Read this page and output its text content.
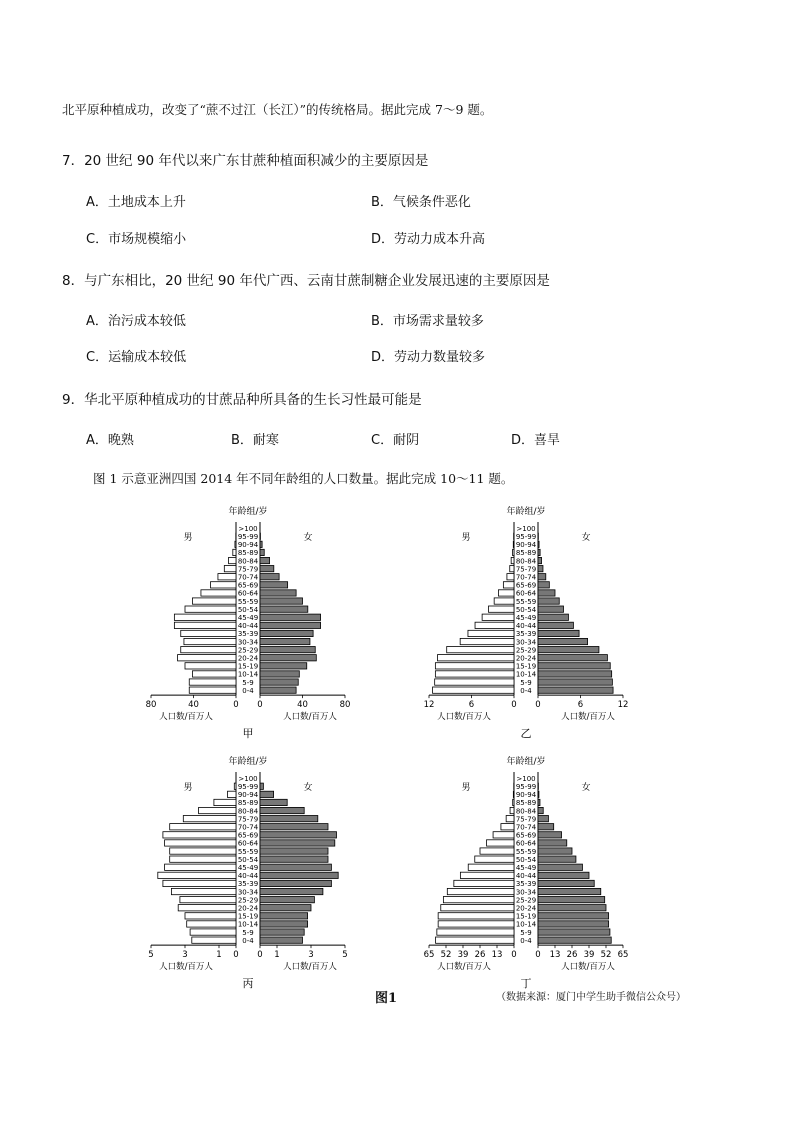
北平原种植成功，改变了“蔗不过江（长江）”的传统格局。据此完成 7～9 题。
7．20 世纪 90 年代以来广东甘蔗种植面积减少的主要原因是
A．土地成本上升	B．气候条件恶化
C．市场规模缩小	D．劳动力成本升高
8．与广东相比，20 世纪 90 年代广西、云南甘蔗制糖企业发展迅速的主要原因是
A．治污成本较低	B．市场需求量较多
C．运输成本较低	D．劳动力数量较多
9．华北平原种植成功的甘蔗品种所具备的生长习性最可能是
A．晚熟	B．耐寒	C．耐阴	D．喜旱
图 1 示意亚洲四国 2014 年不同年龄组的人口数量。据此完成 10～11 题。
年龄组/岁
男	女
>100
95-99
90-94
85-89
80-84
75-79
70-74
65-69
60-64
55-59
50-54
45-49
40-44
35-39
30-34
25-29
20-24
15-19
10-14
5-9
0-4
80	40	0 0	40	80
人口数/百万人	人口数/百万人
甲
年龄组/岁
男	女
>100
95-99
90-94
85-89
80-84
75-79
70-74
65-69
60-64
55-59
50-54
45-49
40-44
35-39
30-34
25-29
20-24
15-19
10-14
5-9
0-4
12	6	0 0	6	12
人口数/百万人	人口数/百万人
乙
年龄组/岁
男	女
>100
95-99
90-94
85-89
80-84
75-79
70-74
65-69
60-64
55-59
50-54
45-49
40-44
35-39
30-34
25-29
20-24
15-19
10-14
5-9
0-4
5	3	1 0 0 1	3	5
人口数/百万人	人口数/百万人
丙
年龄组/岁
男	女
>100
95-99
90-94
85-89
80-84
75-79
70-74
65-69
60-64
55-59
50-54
45-49
40-44
35-39
30-34
25-29
20-24
15-19
10-14
5-9
0-4
65 52 39 26 13 0 0 13 26 39 52 65
人口数/百万人	人口数/百万人
丁
图1	（数据来源：厦门中学生助手微信公众号）
